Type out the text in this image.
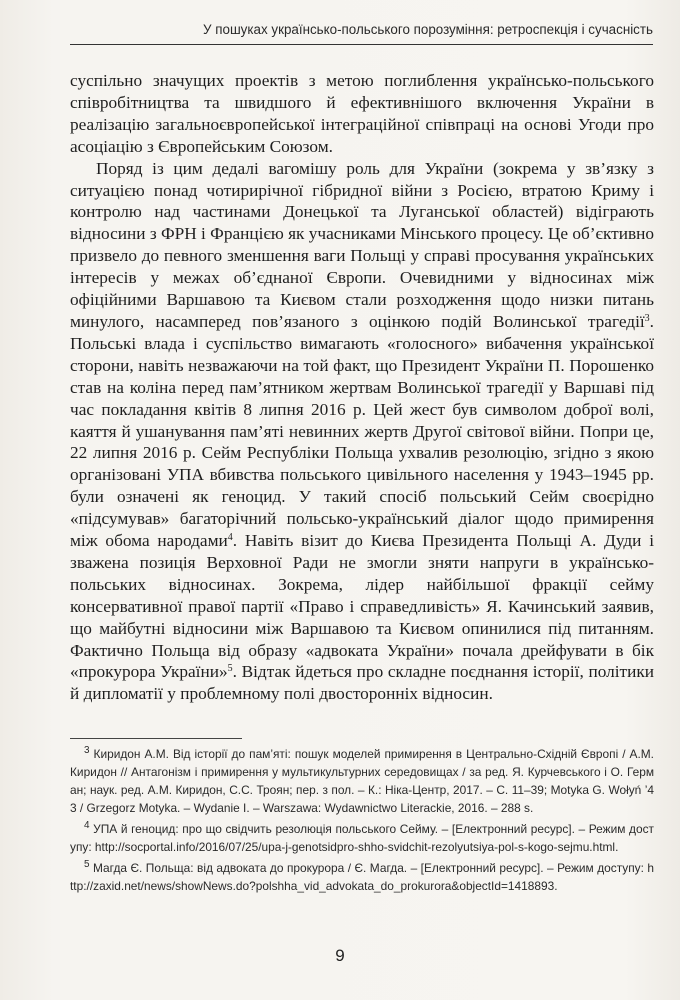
У пошуках українсько-польського порозуміння: ретроспекція і сучасність

суспільно значущих проектів з метою поглиблення українсько-польського співробітництва та швидшого й ефективнішого включення України в реалізацію загальноєвропейської інтеграційної співпраці на основі Угоди про асоціацію з Європейським Союзом.

Поряд із цим дедалі вагомішу роль для України (зокрема у зв’язку з ситуацією понад чотирирічної гібридної війни з Росією, втратою Криму і контролю над частинами Донецької та Луганської областей) відіграють відносини з ФРН і Францією як учасниками Мінського процесу. Це об’єктивно призвело до певного зменшення ваги Польщі у справі просування українських інтересів у межах об’єднаної Європи. Очевидними у відносинах між офіційними Варшавою та Києвом стали розходження щодо низки питань минулого, насамперед пов’язаного з оцінкою подій Волинської трагедії$^3$. Польські влада і суспільство вимагають «голосного» вибачення української сторони, навіть незважаючи на той факт, що Президент України П. Порошенко став на коліна перед пам’ятником жертвам Волинської трагедії у Варшаві під час покладання квітів 8 липня 2016 р. Цей жест був символом доброї волі, каяття й ушанування пам’яті невинних жертв Другої світової війни. Попри це, 22 липня 2016 р. Сейм Республіки Польща ухвалив резолюцію, згідно з якою організовані УПА вбивства польського цивільного населення у 1943–1945 рр. були означені як геноцид. У такий спосіб польський Сейм своєрідно «підсумував» багаторічний польсько-український діалог щодо примирення між обома народами$^4$. Навіть візит до Києва Президента Польщі А. Дуди і зважена позиція Верховної Ради не змогли зняти напруги в українсько-польських відносинах. Зокрема, лідер найбільшої фракції сейму консервативної правої партії «Право і справедливість» Я. Качинський заявив, що майбутні відносини між Варшавою та Києвом опинилися під питанням. Фактично Польща від образу «адвоката України» почала дрейфувати в бік «прокурора України»$^5$. Відтак йдеться про складне поєднання історії, політики й дипломатії у проблемному полі двосторонніх відносин.

$^3$ Киридон А.М. Від історії до пам’яті: пошук моделей примирення в Центрально-Східній Європі / А.М. Киридон // Антагонізм і примирення у мультикультурних середовищах / за ред. Я. Курчевського і О. Герман; наук. ред. А.М. Киридон, С.С. Троян; пер. з пол. – К.: Ніка-Центр, 2017. – С. 11–39; Motyka G. Wołyń ’43 / Grzegorz Motyka. – Wydanie I. – Warszawa: Wydawnictwo Literackie, 2016. – 288 s.

$^4$ УПА й геноцид: про що свідчить резолюція польського Сейму. – [Електронний ресурс]. – Режим доступу: http://socportal.info/2016/07/25/upa-j-genotsidpro-shho-svidchit-rezolyutsiya-pol-s-kogo-sejmu.html.

$^5$ Магда Є. Польща: від адвоката до прокурора / Є. Магда. – [Електронний ресурс]. – Режим доступу: http://zaxid.net/news/showNews.do?polshha_vid_advokata_do_prokurora&objectId=1418893.

9
